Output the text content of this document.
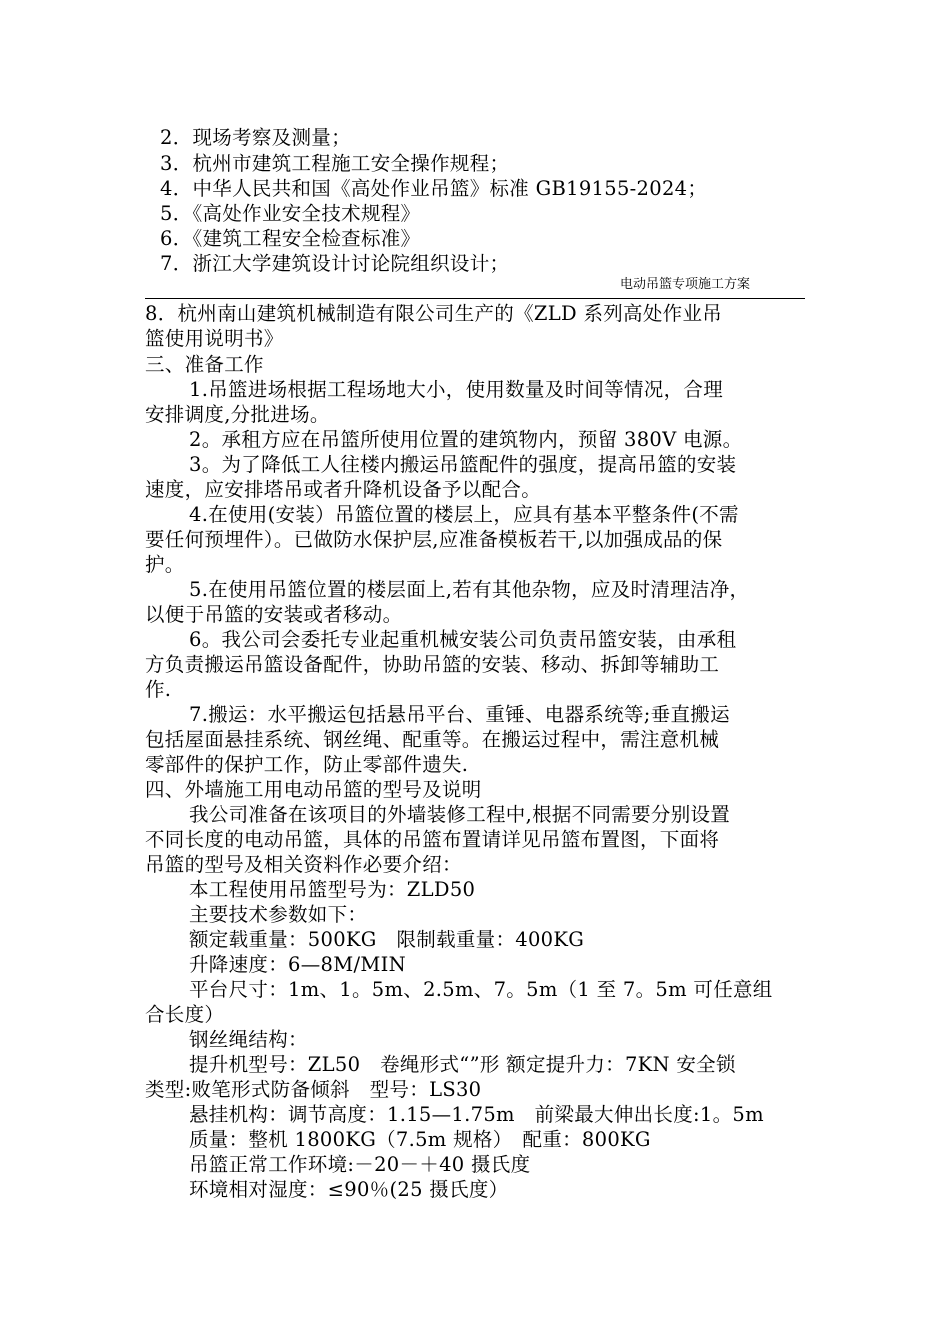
2．现场考察及测量；
3．杭州市建筑工程施工安全操作规程；
4．中华人民共和国《高处作业吊篮》标准 GB19155-2024；
5．《高处作业安全技术规程》
6．《建筑工程安全检查标准》
7．浙江大学建筑设计讨论院组织设计；
电动吊篮专项施工方案
8．杭州南山建筑机械制造有限公司生产的《ZLD 系列高处作业吊
篮使用说明书》
三、准备工作
1.吊篮进场根据工程场地大小，使用数量及时间等情况，合理
安排调度,分批进场。
2。承租方应在吊篮所使用位置的建筑物内，预留 380V 电源。
3。为了降低工人往楼内搬运吊篮配件的强度，提高吊篮的安装
速度，应安排塔吊或者升降机设备予以配合。
4.在使用(安装）吊篮位置的楼层上，应具有基本平整条件(不需
要任何预埋件）。已做防水保护层,应准备模板若干,以加强成品的保
护。
5.在使用吊篮位置的楼层面上,若有其他杂物，应及时清理洁净，
以便于吊篮的安装或者移动。
6。我公司会委托专业起重机械安装公司负责吊篮安装，由承租
方负责搬运吊篮设备配件，协助吊篮的安装、移动、拆卸等辅助工
作.
7.搬运：水平搬运包括悬吊平台、重锤、电器系统等;垂直搬运
包括屋面悬挂系统、钢丝绳、配重等。在搬运过程中，需注意机械
零部件的保护工作，防止零部件遗失.
四、外墙施工用电动吊篮的型号及说明
我公司准备在该项目的外墙装修工程中,根据不同需要分别设置
不同长度的电动吊篮，具体的吊篮布置请详见吊篮布置图，下面将
吊篮的型号及相关资料作必要介绍：
本工程使用吊篮型号为：ZLD50
主要技术参数如下：
额定载重量：500KG　限制载重量：400KG
升降速度：6—8M/MIN
平台尺寸：1m、1。5m、2.5m、7。5m（1 至 7。5m 可任意组
合长度）
钢丝绳结构：
提升机型号：ZL50　卷绳形式“”形 额定提升力：7KN 安全锁
类型:败笔形式防备倾斜　型号：LS30
悬挂机构：调节高度：1.15—1.75m　前梁最大伸出长度:1。5m
质量：整机 1800KG（7.5m 规格）　配重：800KG
吊篮正常工作环境:－20－＋40 摄氏度
环境相对湿度：≤90％(25 摄氏度）
